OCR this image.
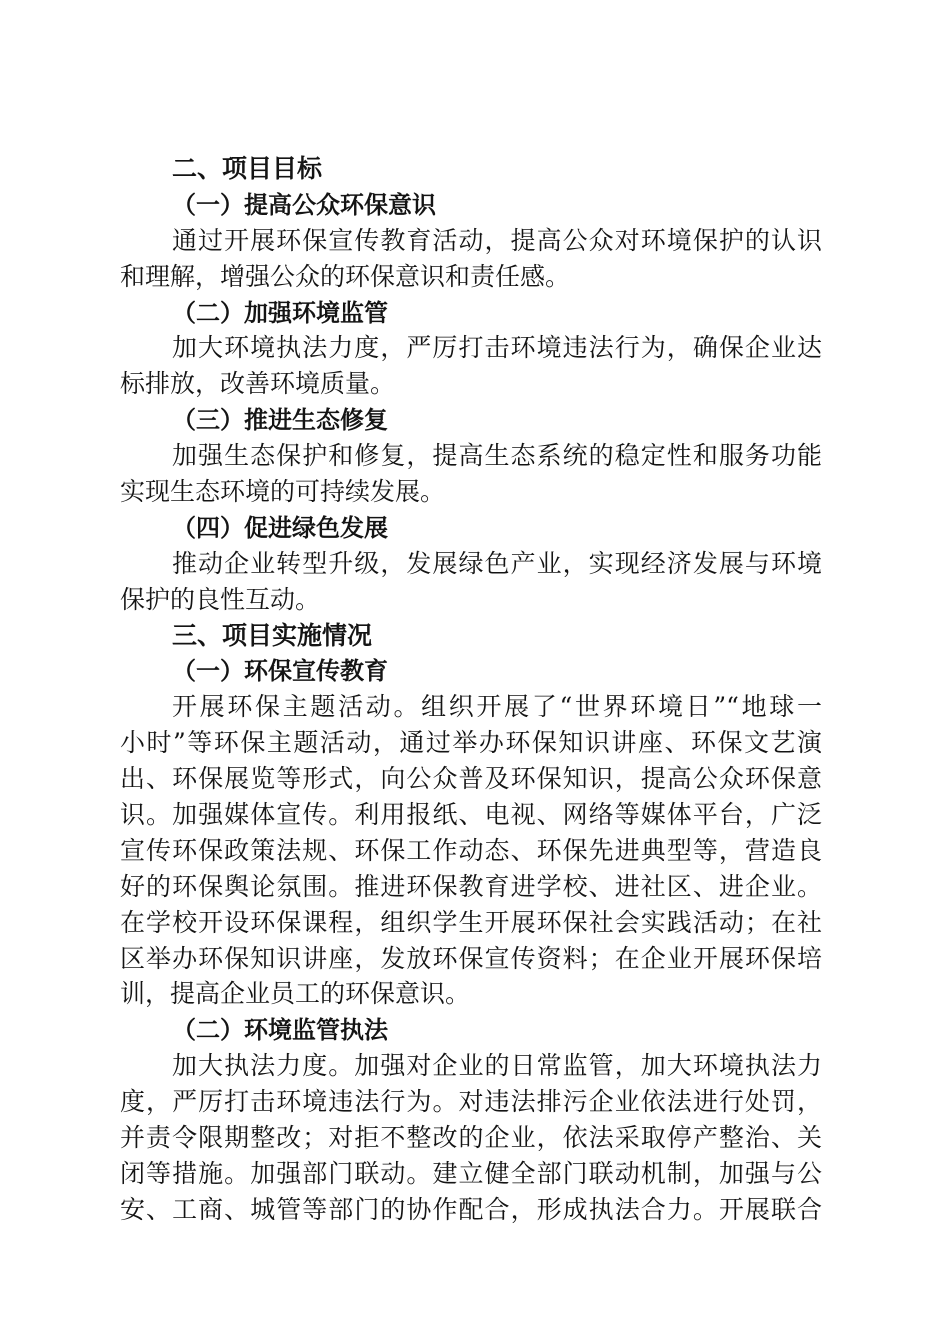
二、项目目标
（一）提高公众环保意识
通过开展环保宣传教育活动，提高公众对环境保护的认识
和理解，增强公众的环保意识和责任感。
（二）加强环境监管
加大环境执法力度，严厉打击环境违法行为，确保企业达
标排放，改善环境质量。
（三）推进生态修复
加强生态保护和修复，提高生态系统的稳定性和服务功能
实现生态环境的可持续发展。
（四）促进绿色发展
推动企业转型升级，发展绿色产业，实现经济发展与环境
保护的良性互动。
三、项目实施情况
（一）环保宣传教育
开展环保主题活动。组织开展了“世界环境日”“地球一
小时”等环保主题活动，通过举办环保知识讲座、环保文艺演
出、环保展览等形式，向公众普及环保知识，提高公众环保意
识。加强媒体宣传。利用报纸、电视、网络等媒体平台，广泛
宣传环保政策法规、环保工作动态、环保先进典型等，营造良
好的环保舆论氛围。推进环保教育进学校、进社区、进企业。
在学校开设环保课程，组织学生开展环保社会实践活动；在社
区举办环保知识讲座，发放环保宣传资料；在企业开展环保培
训，提高企业员工的环保意识。
（二）环境监管执法
加大执法力度。加强对企业的日常监管，加大环境执法力
度，严厉打击环境违法行为。对违法排污企业依法进行处罚，
并责令限期整改；对拒不整改的企业，依法采取停产整治、关
闭等措施。加强部门联动。建立健全部门联动机制，加强与公
安、工商、城管等部门的协作配合，形成执法合力。开展联合
